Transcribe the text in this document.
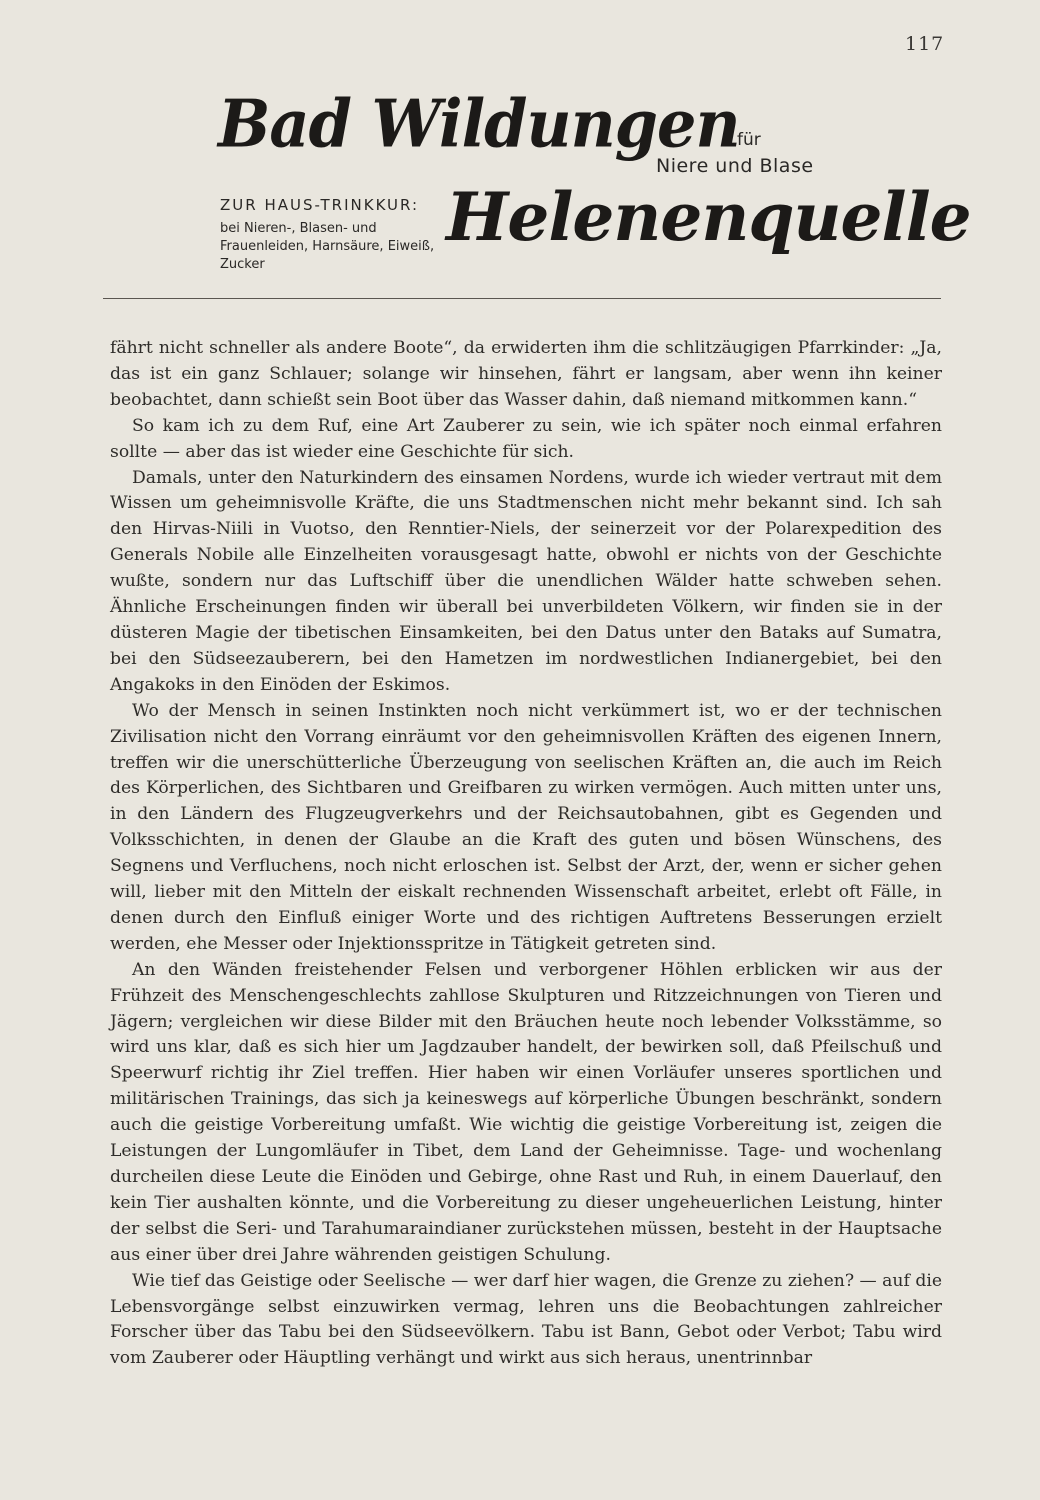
117
Bad Wildungen
für
Niere und Blase
ZUR HAUS-TRINKKUR:
bei Nieren-, Blasen- und Frauenleiden, Harnsäure, Eiweiß, Zucker
Helenenquelle

fährt nicht schneller als andere Boote“, da erwiderten ihm die schlitzäugigen Pfarrkinder: „Ja, das ist ein ganz Schlauer; solange wir hinsehen, fährt er langsam, aber wenn ihn keiner beobachtet, dann schießt sein Boot über das Wasser dahin, daß niemand mitkommen kann.“

So kam ich zu dem Ruf, eine Art Zauberer zu sein, wie ich später noch einmal erfahren sollte — aber das ist wieder eine Geschichte für sich.

Damals, unter den Naturkindern des einsamen Nordens, wurde ich wieder vertraut mit dem Wissen um geheimnisvolle Kräfte, die uns Stadtmenschen nicht mehr bekannt sind. Ich sah den Hirvas-Niili in Vuotso, den Renntier-Niels, der seinerzeit vor der Polarexpedition des Generals Nobile alle Einzelheiten vorausgesagt hatte, obwohl er nichts von der Geschichte wußte, sondern nur das Luftschiff über die unendlichen Wälder hatte schweben sehen. Ähnliche Erscheinungen finden wir überall bei unverbildeten Völkern, wir finden sie in der düsteren Magie der tibetischen Einsamkeiten, bei den Datus unter den Bataks auf Sumatra, bei den Südseezauberern, bei den Hametzen im nordwestlichen Indianergebiet, bei den Angakoks in den Einöden der Eskimos.

Wo der Mensch in seinen Instinkten noch nicht verkümmert ist, wo er der technischen Zivilisation nicht den Vorrang einräumt vor den geheimnisvollen Kräften des eigenen Innern, treffen wir die unerschütterliche Überzeugung von seelischen Kräften an, die auch im Reich des Körperlichen, des Sichtbaren und Greifbaren zu wirken vermögen. Auch mitten unter uns, in den Ländern des Flugzeugverkehrs und der Reichsautobahnen, gibt es Gegenden und Volksschichten, in denen der Glaube an die Kraft des guten und bösen Wünschens, des Segnens und Verfluchens, noch nicht erloschen ist. Selbst der Arzt, der, wenn er sicher gehen will, lieber mit den Mitteln der eiskalt rechnenden Wissenschaft arbeitet, erlebt oft Fälle, in denen durch den Einfluß einiger Worte und des richtigen Auftretens Besserungen erzielt werden, ehe Messer oder Injektionsspritze in Tätigkeit getreten sind.

An den Wänden freistehender Felsen und verborgener Höhlen erblicken wir aus der Frühzeit des Menschengeschlechts zahllose Skulpturen und Ritzzeichnungen von Tieren und Jägern; vergleichen wir diese Bilder mit den Bräuchen heute noch lebender Volksstämme, so wird uns klar, daß es sich hier um Jagdzauber handelt, der bewirken soll, daß Pfeilschuß und Speerwurf richtig ihr Ziel treffen. Hier haben wir einen Vorläufer unseres sportlichen und militärischen Trainings, das sich ja keineswegs auf körperliche Übungen beschränkt, sondern auch die geistige Vorbereitung umfaßt. Wie wichtig die geistige Vorbereitung ist, zeigen die Leistungen der Lungomläufer in Tibet, dem Land der Geheimnisse. Tage- und wochenlang durcheilen diese Leute die Einöden und Gebirge, ohne Rast und Ruh, in einem Dauerlauf, den kein Tier aushalten könnte, und die Vorbereitung zu dieser ungeheuerlichen Leistung, hinter der selbst die Seri- und Tarahumaraindianer zurückstehen müssen, besteht in der Hauptsache aus einer über drei Jahre währenden geistigen Schulung.

Wie tief das Geistige oder Seelische — wer darf hier wagen, die Grenze zu ziehen? — auf die Lebensvorgänge selbst einzuwirken vermag, lehren uns die Beobachtungen zahlreicher Forscher über das Tabu bei den Südseevölkern. Tabu ist Bann, Gebot oder Verbot; Tabu wird vom Zauberer oder Häuptling verhängt und wirkt aus sich heraus, unentrinnbar
